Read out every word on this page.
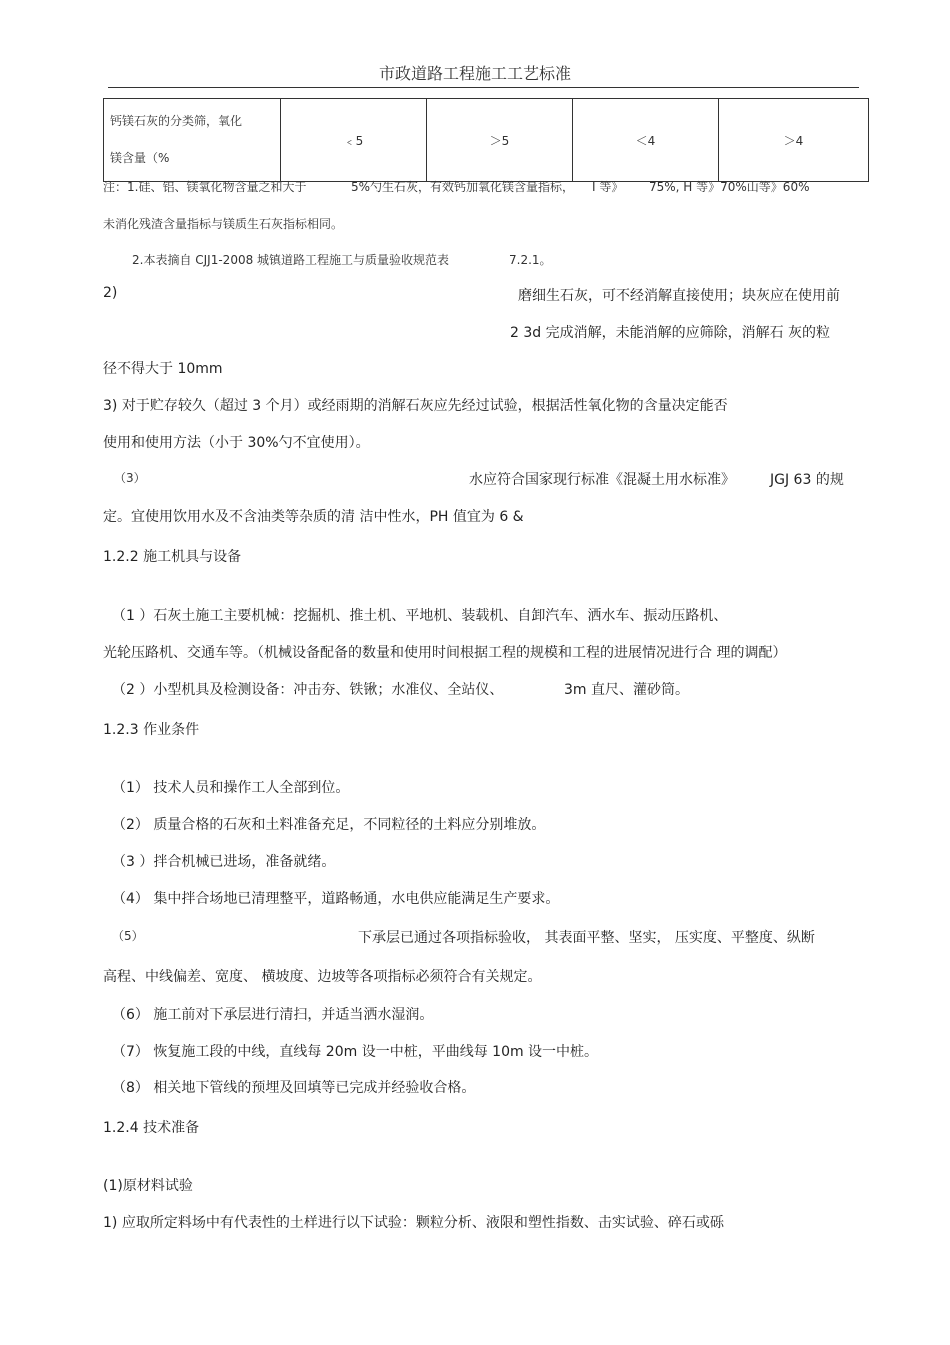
市政道路工程施工工艺标准
钙镁石灰的分类筛，氧化
镁含量（%	﹤5	＞5	＜4	＞4
注：1.硅、铝、镁氧化物含量之和大于	5%勺生石灰，有效钙加氧化镁含量指标， I 等》 75%, H 等》70%山等》60%
未消化残渣含量指标与镁质生石灰指标相同。
2.本表摘自 CJJ1-2008 城镇道路工程施工与质量验收规范表	7.2.1。
2)	磨细生石灰，可不经消解直接使用；块灰应在使用前
2 3d 完成消解，未能消解的应筛除，消解石 灰的粒
径不得大于 10mm
3) 对于贮存较久（超过 3 个月）或经雨期的消解石灰应先经过试验，根据活性氧化物的含量决定能否
使用和使用方法（小于 30%勺不宜使用）。
（3）	水应符合国家现行标准《混凝土用水标准》	JGJ 63 的规
定。宜使用饮用水及不含油类等杂质的清 洁中性水，PH 值宜为 6 &
1.2.2 施工机具与设备
（1 ）石灰土施工主要机械：挖掘机、推土机、平地机、装载机、自卸汽车、洒水车、振动压路机、
光轮压路机、交通车等。（机械设备配备的数量和使用时间根据工程的规模和工程的进展情况进行合 理的调配）
（2 ）小型机具及检测设备：冲击夯、铁锹；水准仪、全站仪、	3m 直尺、灌砂筒。
1.2.3 作业条件
（1） 技术人员和操作工人全部到位。
（2） 质量合格的石灰和土料准备充足，不同粒径的土料应分别堆放。
（3 ）拌合机械已进场，准备就绪。
（4） 集中拌合场地已清理整平，道路畅通，水电供应能满足生产要求。
（5）	下承层已通过各项指标验收， 其表面平整、坚实， 压实度、平整度、纵断
高程、中线偏差、宽度、 横坡度、边坡等各项指标必须符合有关规定。
（6） 施工前对下承层进行清扫，并适当洒水湿润。
（7） 恢复施工段的中线，直线每 20m 设一中桩，平曲线每 10m 设一中桩。
（8） 相关地下管线的预埋及回填等已完成并经验收合格。
1.2.4 技术准备
(1)原材料试验
1) 应取所定料场中有代表性的土样进行以下试验：颗粒分析、液限和塑性指数、击实试验、碎石或砾
